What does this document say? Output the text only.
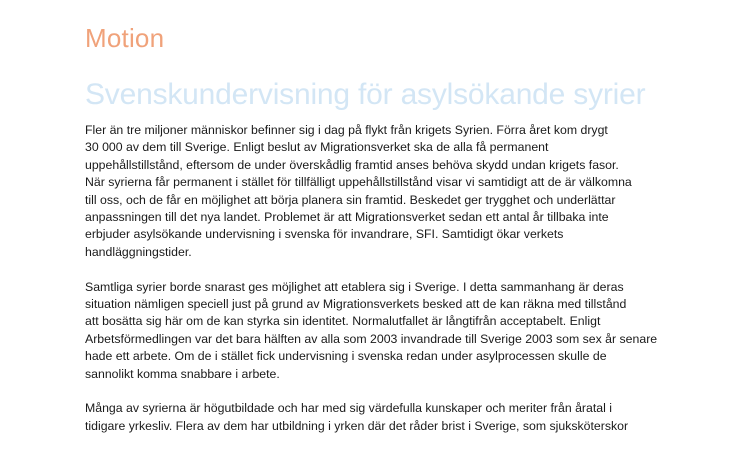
Motion
Svenskundervisning för asylsökande syrier

Fler än tre miljoner människor befinner sig i dag på flykt från krigets Syrien. Förra året kom drygt
30 000 av dem till Sverige. Enligt beslut av Migrationsverket ska de alla få permanent
uppehållstillstånd, eftersom de under överskådlig framtid anses behöva skydd undan krigets fasor.
När syrierna får permanent i stället för tillfälligt uppehållstillstånd visar vi samtidigt att de är välkomna
till oss, och de får en möjlighet att börja planera sin framtid. Beskedet ger trygghet och underlättar
anpassningen till det nya landet. Problemet är att Migrationsverket sedan ett antal år tillbaka inte
erbjuder asylsökande undervisning i svenska för invandrare, SFI. Samtidigt ökar verkets
handläggningstider.

Samtliga syrier borde snarast ges möjlighet att etablera sig i Sverige. I detta sammanhang är deras
situation nämligen speciell just på grund av Migrationsverkets besked att de kan räkna med tillstånd
att bosätta sig här om de kan styrka sin identitet. Normalutfallet är långtifrån acceptabelt. Enligt
Arbetsförmedlingen var det bara hälften av alla som 2003 invandrade till Sverige 2003 som sex år senare
hade ett arbete. Om de i stället fick undervisning i svenska redan under asylprocessen skulle de
sannolikt komma snabbare i arbete.

Många av syrierna är högutbildade och har med sig värdefulla kunskaper och meriter från åratal i
tidigare yrkesliv. Flera av dem har utbildning i yrken där det råder brist i Sverige, som sjuksköterskor
